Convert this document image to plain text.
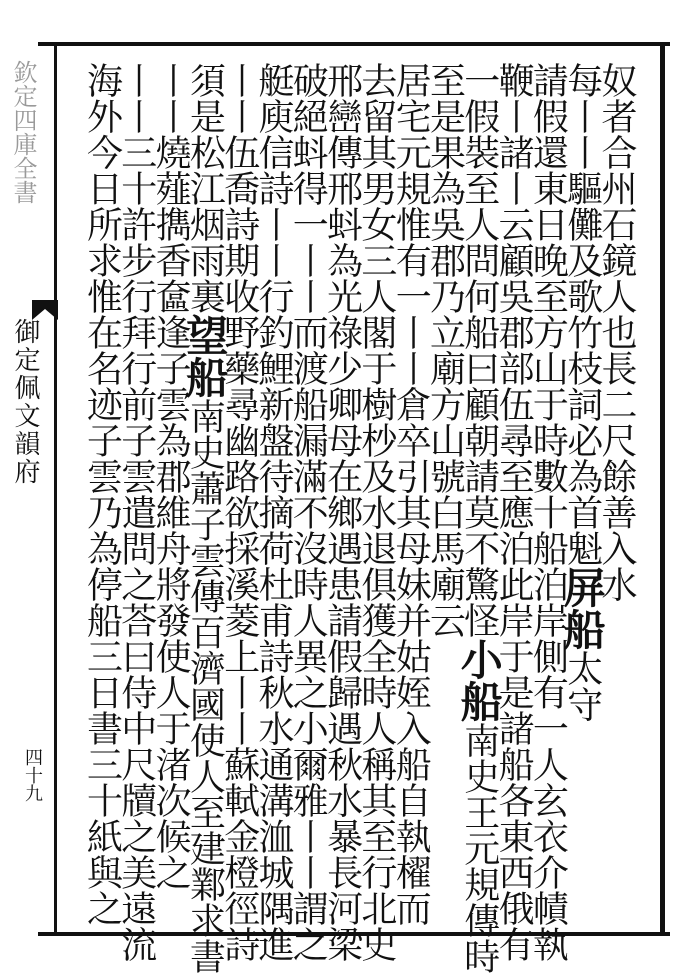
欽定四庫全書
御定佩文韻府
四十九
奴者合州石鏡人也長二尺餘善入水
每丨丨驅儺及歌竹枝詞必為首魁
屏船
太守
請假還東日晚至方山于時數十船泊岸側有一人玄衣介幘執
鞭丨諸丨云顧吳郡部伍尋至應泊此岸于是諸船各東西俄有
一假裝至人問何船曰顧朝請莫不驚怪
小船
南史王元規傳時
至是果為吳郡乃立廟方山號白馬廟云
居宅元規惟有一丨丨倉卒引其母妹并姑姪入船自執櫂而
去留其男女三人閣于樹杪及水退俱獲全時人稱其至行北史
邢巒傳邢蚪為光祿少卿母在鄉遇患請假歸遇秋水暴長河梁
破絕蚪得一丨丨而渡船漏滿不沒時人異之小爾雅丨丨謂之
艇庾信詩丨丨行釣鯉新盤待摘荷杜甫詩秋水通溝洫城隅進
丨丨伍喬詩期收野藥尋幽路欲採溪菱上丨丨蘇軾金橙徑詩
須是松江烟雨裏
望船
南史蕭子雲傳百濟國使人至建鄴求書
丨丨燒薤擕香奩
逢子雲為郡維舟將發使人于渚次候之
丨丨三十許步行拜行前子雲遣問之荅曰侍中尺牘之美遠流
海外今日所求惟在名迹子雲乃為停船三日書三十紙與之
